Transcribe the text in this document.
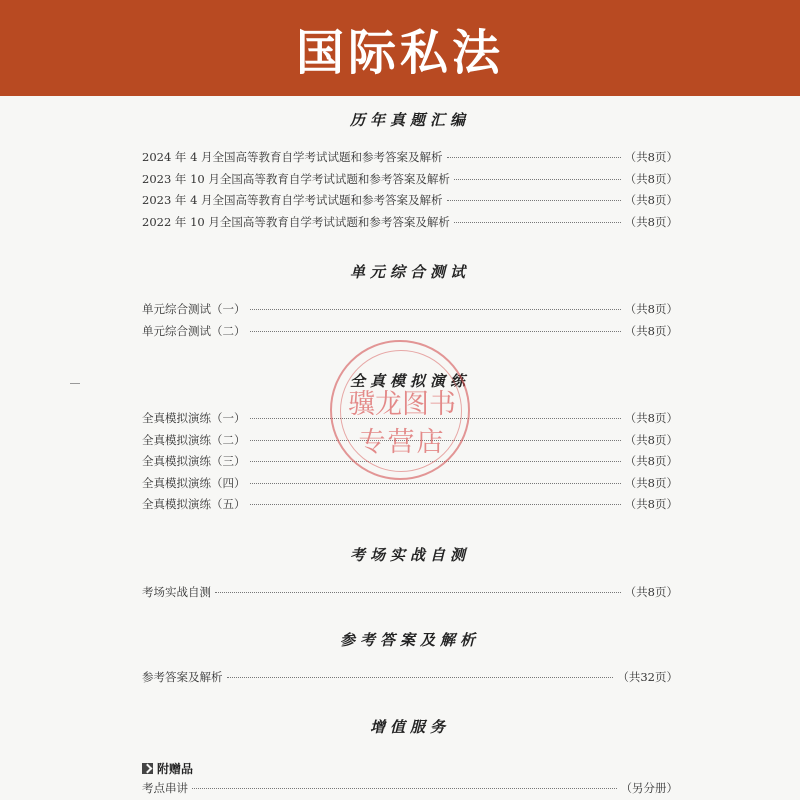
国际私法
历年真题汇编
2024 年 4 月全国高等教育自学考试试题和参考答案及解析	（共8页）
2023 年 10 月全国高等教育自学考试试题和参考答案及解析	（共8页）
2023 年 4 月全国高等教育自学考试试题和参考答案及解析	（共8页）
2022 年 10 月全国高等教育自学考试试题和参考答案及解析	（共8页）
单元综合测试
单元综合测试（一）	（共8页）
单元综合测试（二）	（共8页）
全真模拟演练
全真模拟演练（一）	（共8页）
全真模拟演练（二）	（共8页）
全真模拟演练（三）	（共8页）
全真模拟演练（四）	（共8页）
全真模拟演练（五）	（共8页）
考场实战自测
考场实战自测	（共8页）
参考答案及解析
参考答案及解析	（共32页）
增值服务
附赠品
考点串讲	（另分册）
骥龙图书
专营店
